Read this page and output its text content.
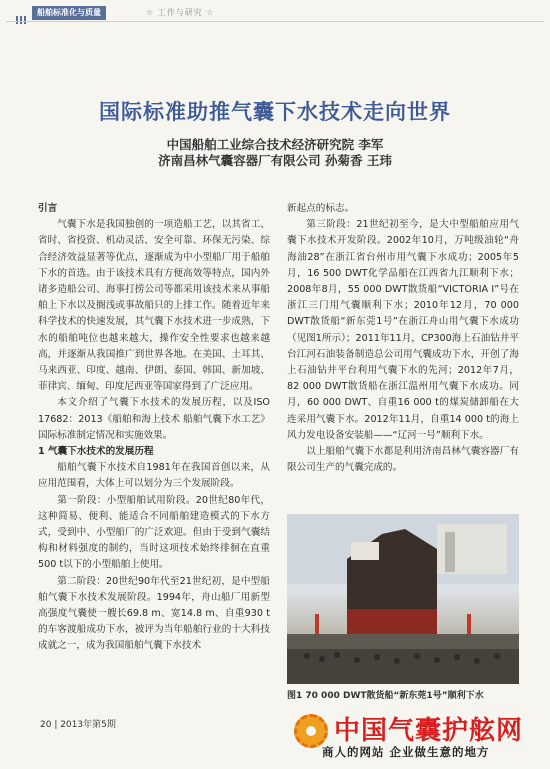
船舶标准化与质量	☆ 工作与研究 ☆
国际标准助推气囊下水技术走向世界
中国船舶工业综合技术经济研究院 李军
济南昌林气囊容器厂有限公司 孙菊香 王玮

引言

气囊下水是我国独创的一项造船工艺，以其省工、省时、省投资、机动灵活、安全可靠、环保无污染、综合经济效益显著等优点，逐渐成为中小型船厂用于船舶下水的首选。由于该技术具有方便高效等特点，国内外诸多造船公司、海事打捞公司等都采用该技术来从事船舶上下水以及搁浅或事故船只的上排工作。随着近年来科学技术的快速发展，其气囊下水技术进一步成熟，下水的船舶吨位也越来越大，操作安全性要求也越来越高，并逐渐从我国推广到世界各地。在美国、土耳其、马来西亚、印度、越南、伊朗、泰国、韩国、新加坡、菲律宾、缅甸、印度尼西亚等国家得到了广泛应用。

本文介绍了气囊下水技术的发展历程，以及ISO 17682：2013《船舶和海上技术 船舶气囊下水工艺》国际标准制定情况和实施效果。

1 气囊下水技术的发展历程

船舶气囊下水技术自1981年在我国首创以来，从应用范围看，大体上可以划分为三个发展阶段。

第一阶段：小型船舶试用阶段。20世纪80年代，这种简易、便利、能适合不同船舶建造模式的下水方式，受到中、小型船厂的广泛欢迎。但由于受到气囊结构和材料强度的制约，当时这项技术始终徘徊在直重500 t以下的小型船舶上使用。

第二阶段：20世纪90年代至21世纪初，是中型船舶气囊下水技术发展阶段。1994年，舟山船厂用新型高强度气囊使一艘长69.8 m、宽14.8 m、自重930 t的车客渡船成功下水，被评为当年船舶行业的十大科技成就之一，成为我国船舶气囊下水技术

新起点的标志。

第三阶段：21世纪初至今，是大中型船舶应用气囊下水技术开发阶段。2002年10月，万吨级油轮“舟海油28”在浙江省台州市用气囊下水成功；2005年5月，16 500 DWT化学品船在江西省九江顺利下水；2008年8月，55 000 DWT散货船“VICTORIA I”号在浙江三门用气囊顺利下水；2010年12月，70 000 DWT散货船“新东莞1号”在浙江舟山用气囊下水成功（见图1所示）；2011年11月，CP300海上石油钻井平台江河石油装备制造总公司用气囊成功下水，开创了海上石油钻井平台利用气囊下水的先河；2012年7月，82 000 DWT散货船在浙江温州用气囊下水成功。同月，60 000 DWT、自重16 000 t的煤炭储卸船在大连采用气囊下水。2012年11月，自重14 000 t的海上风力发电设备安装船——“辽河一号”顺利下水。

以上船舶气囊下水都是利用济南昌林气囊容器厂有限公司生产的气囊完成的。

图1 70 000 DWT散货船“新东莞1号”顺利下水
20 | 2013年第5期	中国气囊护舷网
商人的网站 企业做生意的地方
